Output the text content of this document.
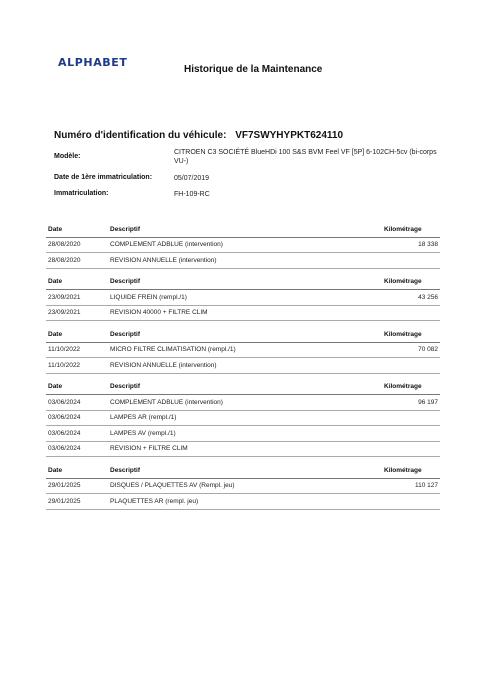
ALPHABET
Historique de la Maintenance
Numéro d'identification du véhicule: VF7SWYHYPKT624110
Modèle:
CITROEN C3 SOCIÉTÉ BlueHDi 100 S&S BVM Feel VF [5P] 6-102CH-5cv (bi-corps VU-)
Date de 1ère immatriculation:	05/07/2019
Immatriculation:	FH-109-RC
Date	Descriptif	Kilométrage
28/08/2020	COMPLEMENT ADBLUE (intervention)	18 338
28/08/2020	REVISION ANNUELLE (intervention)	
Date	Descriptif	Kilométrage
23/09/2021	LIQUIDE FREIN (rempl./1)	43 256
23/09/2021	REVISION 40000 + FILTRE CLIM	
Date	Descriptif	Kilométrage
11/10/2022	MICRO FILTRE CLIMATISATION (rempl./1)	70 082
11/10/2022	REVISION ANNUELLE (intervention)	
Date	Descriptif	Kilométrage
03/06/2024	COMPLEMENT ADBLUE (intervention)	96 197
03/06/2024	LAMPES AR (rempl./1)	
03/06/2024	LAMPES AV (rempl./1)	
03/06/2024	REVISION + FILTRE CLIM	
Date	Descriptif	Kilométrage
29/01/2025	DISQUES / PLAQUETTES AV (Rempl. jeu)	110 127
29/01/2025	PLAQUETTES AR (rempl. jeu)	
